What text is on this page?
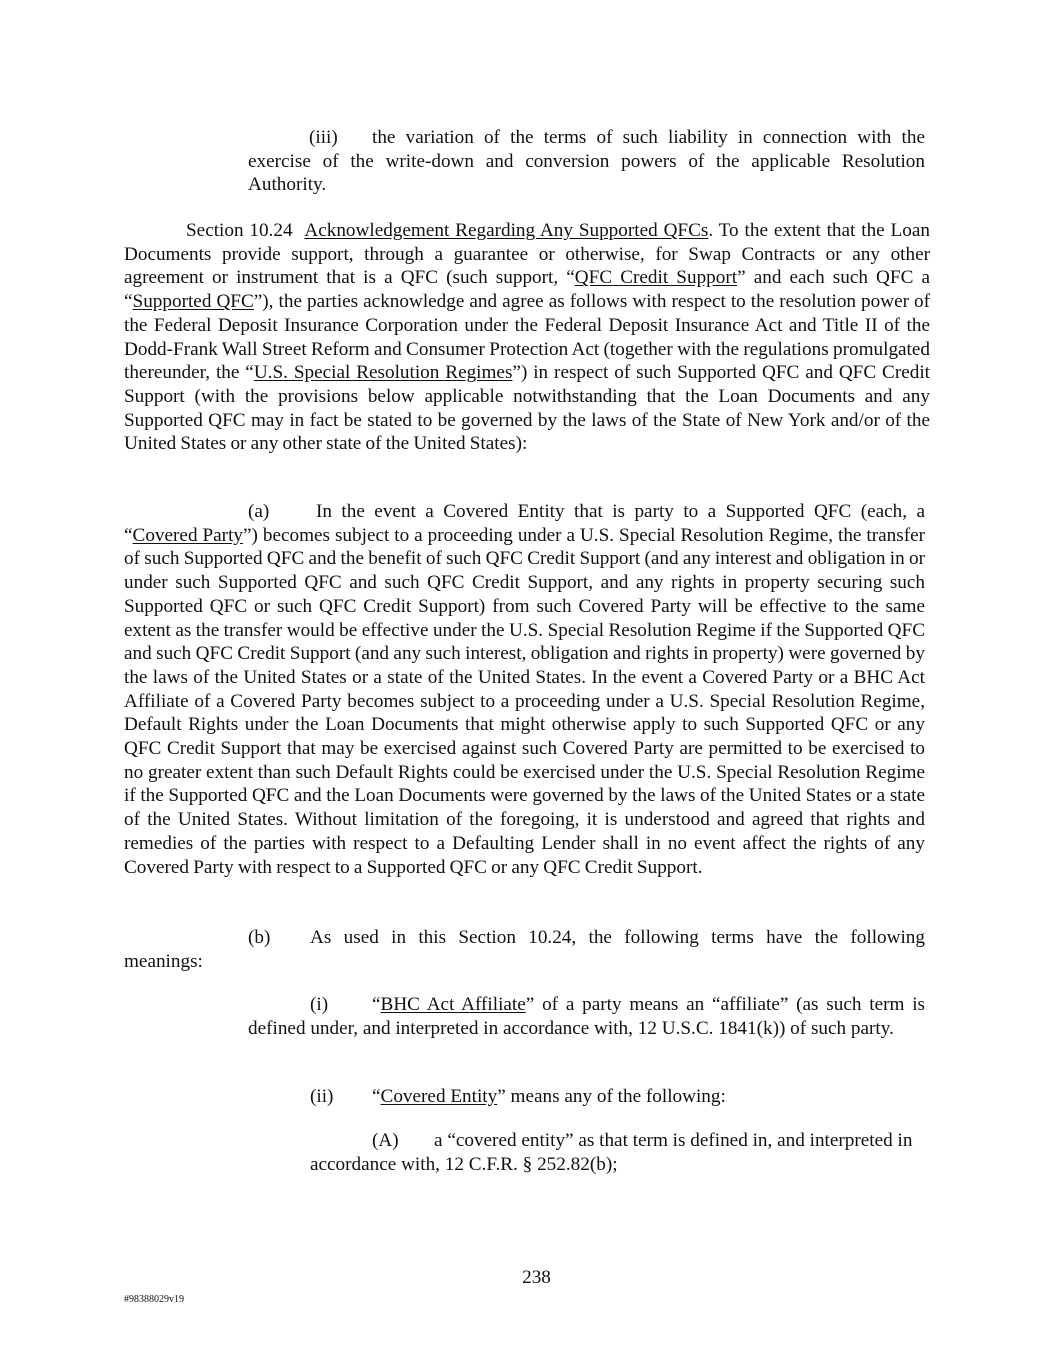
(iii) the variation of the terms of such liability in connection with the exercise of the write-down and conversion powers of the applicable Resolution Authority.

Section 10.24 Acknowledgement Regarding Any Supported QFCs. To the extent that the Loan Documents provide support, through a guarantee or otherwise, for Swap Contracts or any other agreement or instrument that is a QFC (such support, “QFC Credit Support” and each such QFC a “Supported QFC”), the parties acknowledge and agree as follows with respect to the resolution power of the Federal Deposit Insurance Corporation under the Federal Deposit Insurance Act and Title II of the Dodd-Frank Wall Street Reform and Consumer Protection Act (together with the regulations promulgated thereunder, the “U.S. Special Resolution Regimes”) in respect of such Supported QFC and QFC Credit Support (with the provisions below applicable notwithstanding that the Loan Documents and any Supported QFC may in fact be stated to be governed by the laws of the State of New York and/or of the United States or any other state of the United States):

(a) In the event a Covered Entity that is party to a Supported QFC (each, a “Covered Party”) becomes subject to a proceeding under a U.S. Special Resolution Regime, the transfer of such Supported QFC and the benefit of such QFC Credit Support (and any interest and obligation in or under such Supported QFC and such QFC Credit Support, and any rights in property securing such Supported QFC or such QFC Credit Support) from such Covered Party will be effective to the same extent as the transfer would be effective under the U.S. Special Resolution Regime if the Supported QFC and such QFC Credit Support (and any such interest, obligation and rights in property) were governed by the laws of the United States or a state of the United States. In the event a Covered Party or a BHC Act Affiliate of a Covered Party becomes subject to a proceeding under a U.S. Special Resolution Regime, Default Rights under the Loan Documents that might otherwise apply to such Supported QFC or any QFC Credit Support that may be exercised against such Covered Party are permitted to be exercised to no greater extent than such Default Rights could be exercised under the U.S. Special Resolution Regime if the Supported QFC and the Loan Documents were governed by the laws of the United States or a state of the United States. Without limitation of the foregoing, it is understood and agreed that rights and remedies of the parties with respect to a Defaulting Lender shall in no event affect the rights of any Covered Party with respect to a Supported QFC or any QFC Credit Support.

(b) As used in this Section 10.24, the following terms have the following meanings:

(i) “BHC Act Affiliate” of a party means an “affiliate” (as such term is defined under, and interpreted in accordance with, 12 U.S.C. 1841(k)) of such party.

(ii) “Covered Entity” means any of the following:

(A) a “covered entity” as that term is defined in, and interpreted in accordance with, 12 C.F.R. § 252.82(b);

238
#98388029v19
